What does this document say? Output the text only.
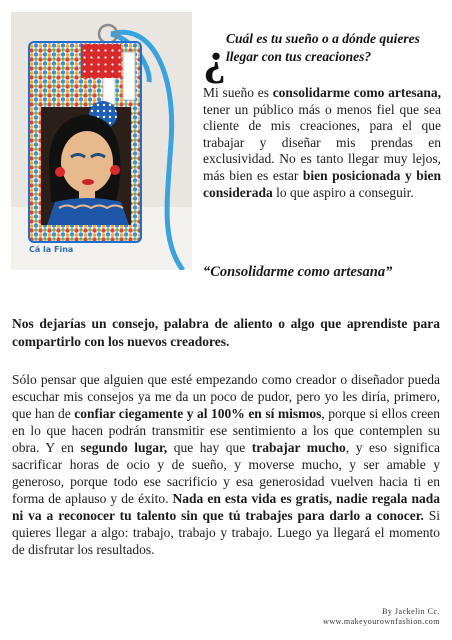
Cá la Fina
¿ Cuál es tu sueño o a dónde quieres llegar con tus creaciones?
Mi sueño es consolidarme como artesana, tener un público más o menos fiel que sea cliente de mis creaciones, para el que trabajar y diseñar mis prendas en exclusividad. No es tanto llegar muy lejos, más bien es estar bien posicionada y bien considerada lo que aspiro a conseguir.
“Consolidarme como artesana”
Nos dejarías un consejo, palabra de aliento o algo que aprendiste para compartirlo con los nuevos creadores.
Sólo pensar que alguien que esté empezando como creador o diseñador pueda escuchar mis consejos ya me da un poco de pudor, pero yo les diría, primero, que han de confiar ciegamente y al 100% en sí mismos, porque si ellos creen en lo que hacen podrán transmitir ese sentimiento a los que contemplen su obra. Y en segundo lugar, que hay que trabajar mucho, y eso significa sacrificar horas de ocio y de sueño, y moverse mucho, y ser amable y generoso, porque todo ese sacrificio y esa generosidad vuelven hacia ti en forma de aplauso y de éxito. Nada en esta vida es gratis, nadie regala nada ni va a reconocer tu talento sin que tú trabajes para darlo a conocer. Si quieres llegar a algo: trabajo, trabajo y trabajo. Luego ya llegará el momento de disfrutar los resultados.
By Jackelin Cc.
www.makeyourownfashion.com
